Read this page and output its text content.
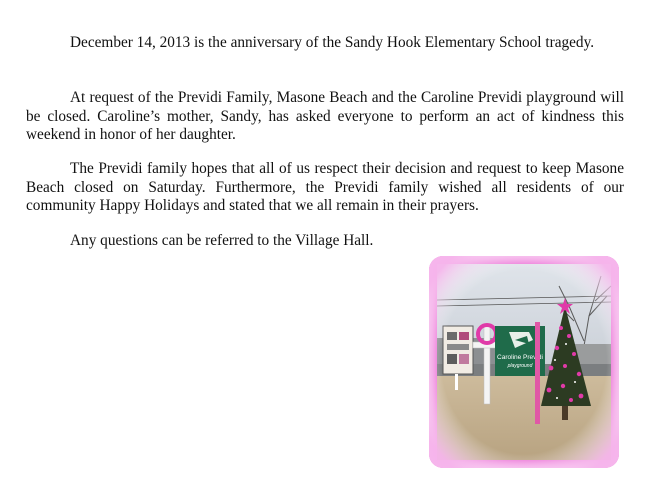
December 14, 2013 is the anniversary of the Sandy Hook Elementary School tragedy.

At request of the Previdi Family, Masone Beach and the Caroline Previdi playground will be closed. Caroline’s mother, Sandy, has asked everyone to perform an act of kindness this weekend in honor of her daughter.

The Previdi family hopes that all of us respect their decision and request to keep Masone Beach closed on Saturday. Furthermore, the Previdi family wished all residents of our community Happy Holidays and stated that we all remain in their prayers.

Any questions can be referred to the Village Hall.
